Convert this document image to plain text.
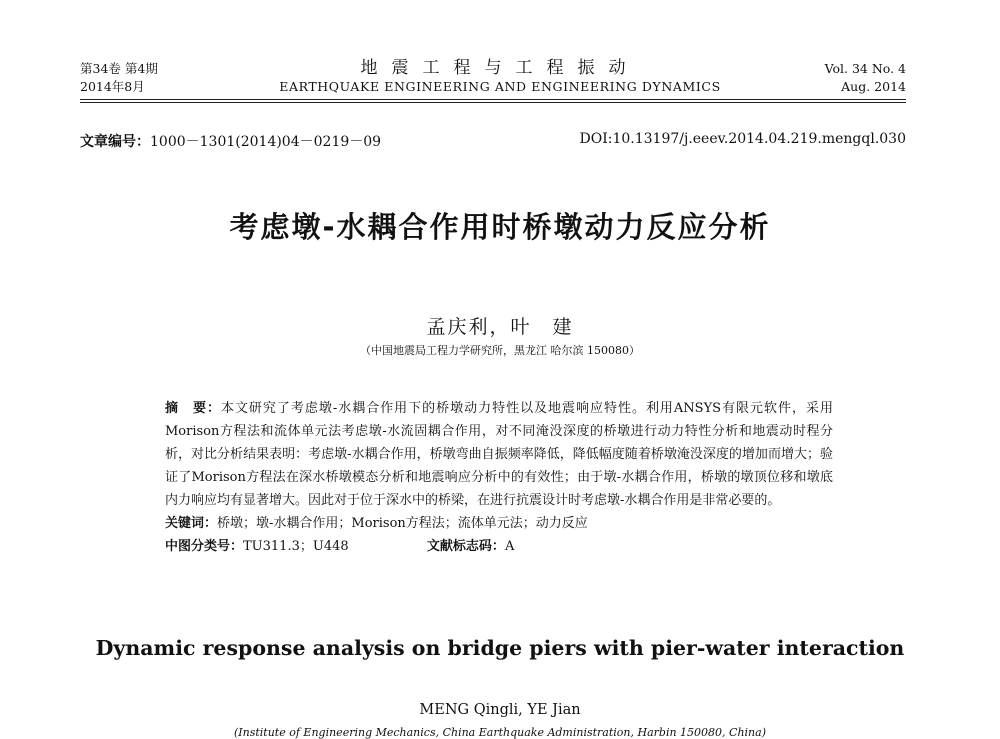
第34卷 第4期
2014年8月
地震工程与工程振动
EARTHQUAKE ENGINEERING AND ENGINEERING DYNAMICS
Vol. 34 No. 4
Aug. 2014
文章编号：1000－1301(2014)04－0219－09	DOI:10.13197/j.eeev.2014.04.219.mengql.030
考虑墩-水耦合作用时桥墩动力反应分析
孟庆利，叶　建
（中国地震局工程力学研究所，黑龙江 哈尔滨 150080）
摘　要：本文研究了考虑墩-水耦合作用下的桥墩动力特性以及地震响应特性。利用ANSYS有限元软件，采用Morison方程法和流体单元法考虑墩-水流固耦合作用，对不同淹没深度的桥墩进行动力特性分析和地震动时程分析，对比分析结果表明：考虑墩-水耦合作用，桥墩弯曲自振频率降低，降低幅度随着桥墩淹没深度的增加而增大；验证了Morison方程法在深水桥墩模态分析和地震响应分析中的有效性；由于墩-水耦合作用，桥墩的墩顶位移和墩底内力响应均有显著增大。因此对于位于深水中的桥梁，在进行抗震设计时考虑墩-水耦合作用是非常必要的。
关键词：桥墩；墩-水耦合作用；Morison方程法；流体单元法；动力反应
中图分类号：TU311.3；U448	文献标志码：A
Dynamic response analysis on bridge piers with pier-water interaction
MENG Qingli, YE Jian
(Institute of Engineering Mechanics, China Earthquake Administration, Harbin 150080, China)
